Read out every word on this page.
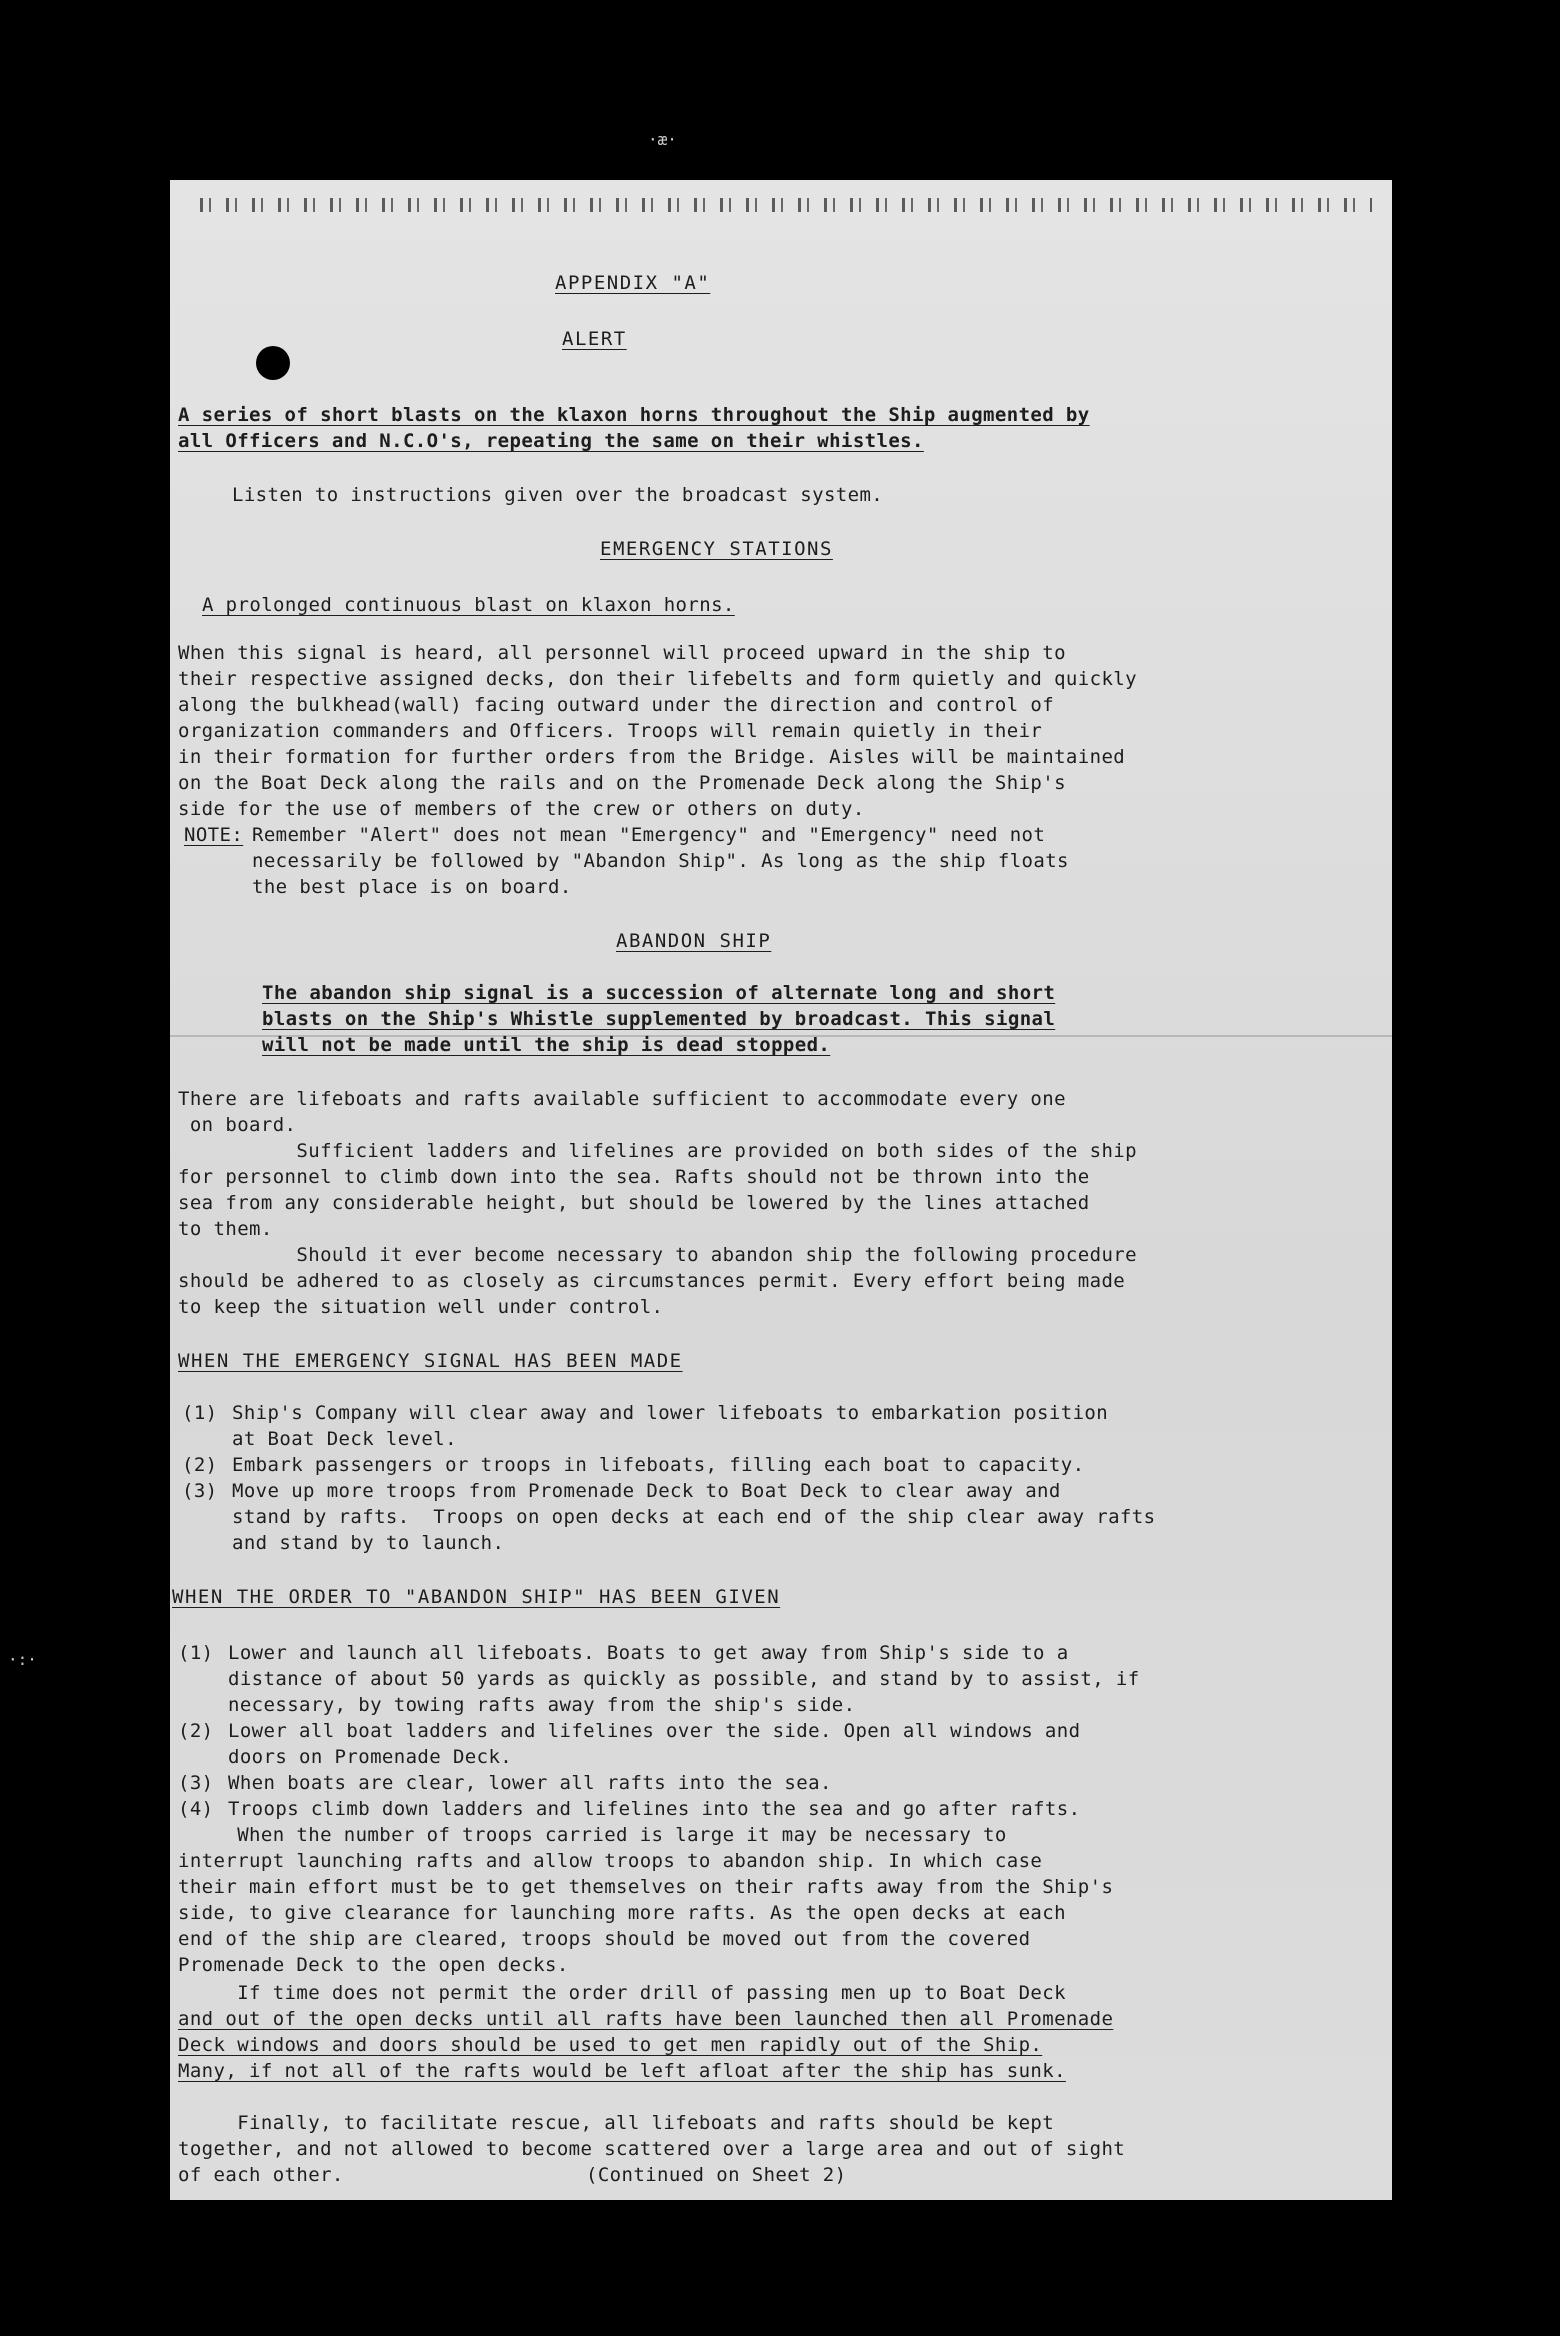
·æ·
·:·
APPENDIX "A"
ALERT
A series of short blasts on the klaxon horns throughout the Ship augmented by
all Officers and N.C.O's, repeating the same on their whistles.
Listen to instructions given over the broadcast system.
EMERGENCY STATIONS
A prolonged continuous blast on klaxon horns.
When this signal is heard, all personnel will proceed upward in the ship to
their respective assigned decks, don their lifebelts and form quietly and quickly
along the bulkhead(wall) facing outward under the direction and control of
organization commanders and Officers. Troops will remain quietly in their
in their formation for further orders from the Bridge. Aisles will be maintained
on the Boat Deck along the rails and on the Promenade Deck along the Ship's
side for the use of members of the crew or others on duty.
NOTE: Remember "Alert" does not mean "Emergency" and "Emergency" need not
necessarily be followed by "Abandon Ship". As long as the ship floats
the best place is on board.
ABANDON SHIP
The abandon ship signal is a succession of alternate long and short
blasts on the Ship's Whistle supplemented by broadcast. This signal
will not be made until the ship is dead stopped.
There are lifeboats and rafts available sufficient to accommodate every one
on board.
Sufficient ladders and lifelines are provided on both sides of the ship
for personnel to climb down into the sea. Rafts should not be thrown into the
sea from any considerable height, but should be lowered by the lines attached
to them.
Should it ever become necessary to abandon ship the following procedure
should be adhered to as closely as circumstances permit. Every effort being made
to keep the situation well under control.
WHEN THE EMERGENCY SIGNAL HAS BEEN MADE
(1) Ship's Company will clear away and lower lifeboats to embarkation position
at Boat Deck level.
(2) Embark passengers or troops in lifeboats, filling each boat to capacity.
(3) Move up more troops from Promenade Deck to Boat Deck to clear away and
stand by rafts.  Troops on open decks at each end of the ship clear away rafts
and stand by to launch.
WHEN THE ORDER TO "ABANDON SHIP" HAS BEEN GIVEN
(1) Lower and launch all lifeboats. Boats to get away from Ship's side to a
distance of about 50 yards as quickly as possible, and stand by to assist, if
necessary, by towing rafts away from the ship's side.
(2) Lower all boat ladders and lifelines over the side. Open all windows and
doors on Promenade Deck.
(3) When boats are clear, lower all rafts into the sea.
(4) Troops climb down ladders and lifelines into the sea and go after rafts.
When the number of troops carried is large it may be necessary to
interrupt launching rafts and allow troops to abandon ship. In which case
their main effort must be to get themselves on their rafts away from the Ship's
side, to give clearance for launching more rafts. As the open decks at each
end of the ship are cleared, troops should be moved out from the covered
Promenade Deck to the open decks.
If time does not permit the order drill of passing men up to Boat Deck
and out of the open decks until all rafts have been launched then all Promenade
Deck windows and doors should be used to get men rapidly out of the Ship.
Many, if not all of the rafts would be left afloat after the ship has sunk.
Finally, to facilitate rescue, all lifeboats and rafts should be kept
together, and not allowed to become scattered over a large area and out of sight
of each other.	(Continued on Sheet 2)
